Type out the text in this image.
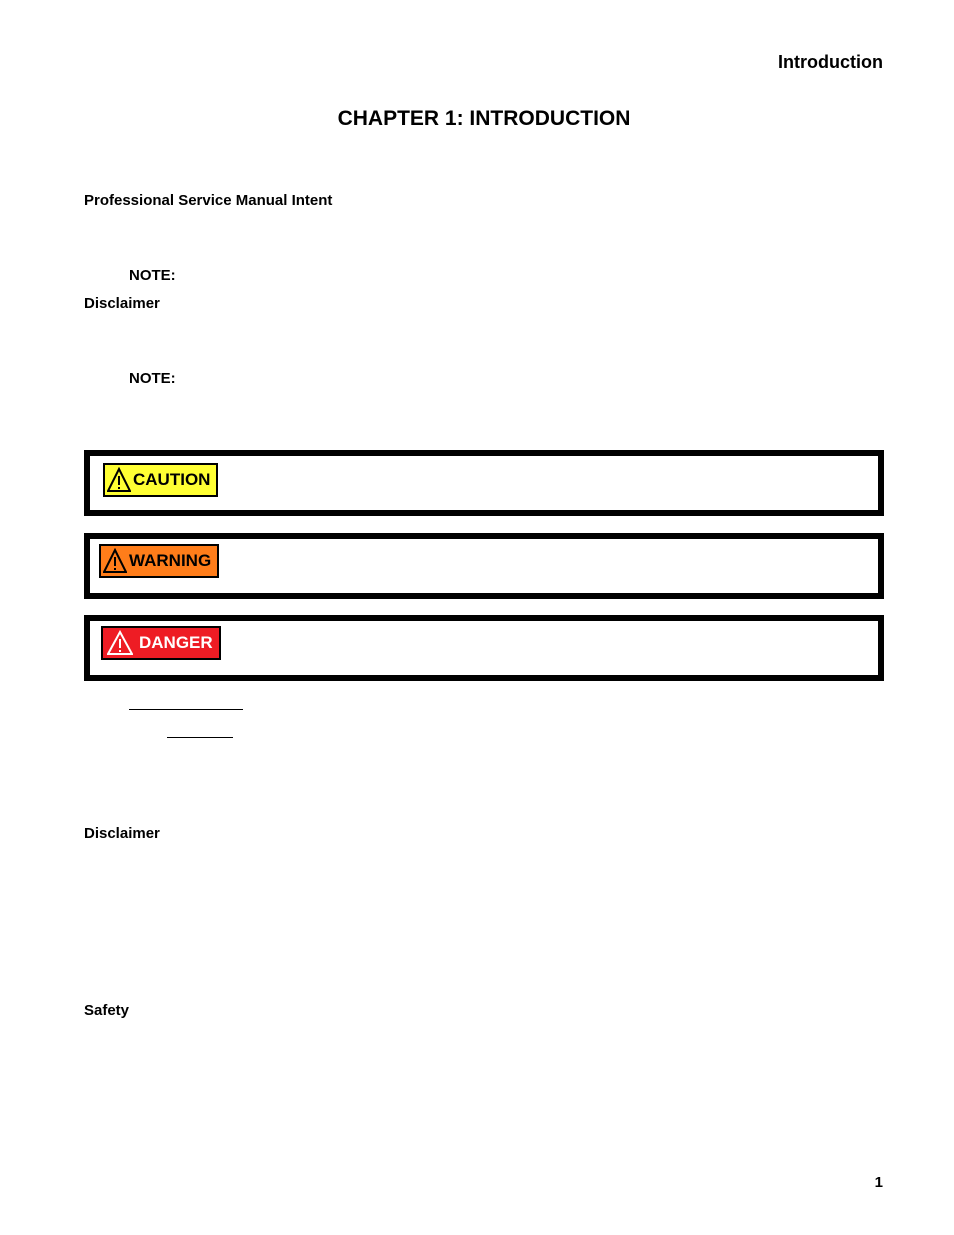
Introduction
CHAPTER 1: INTRODUCTION
Professional Service Manual Intent
NOTE:
Disclaimer
NOTE:
CAUTION
WARNING
DANGER
Disclaimer
Safety
1
